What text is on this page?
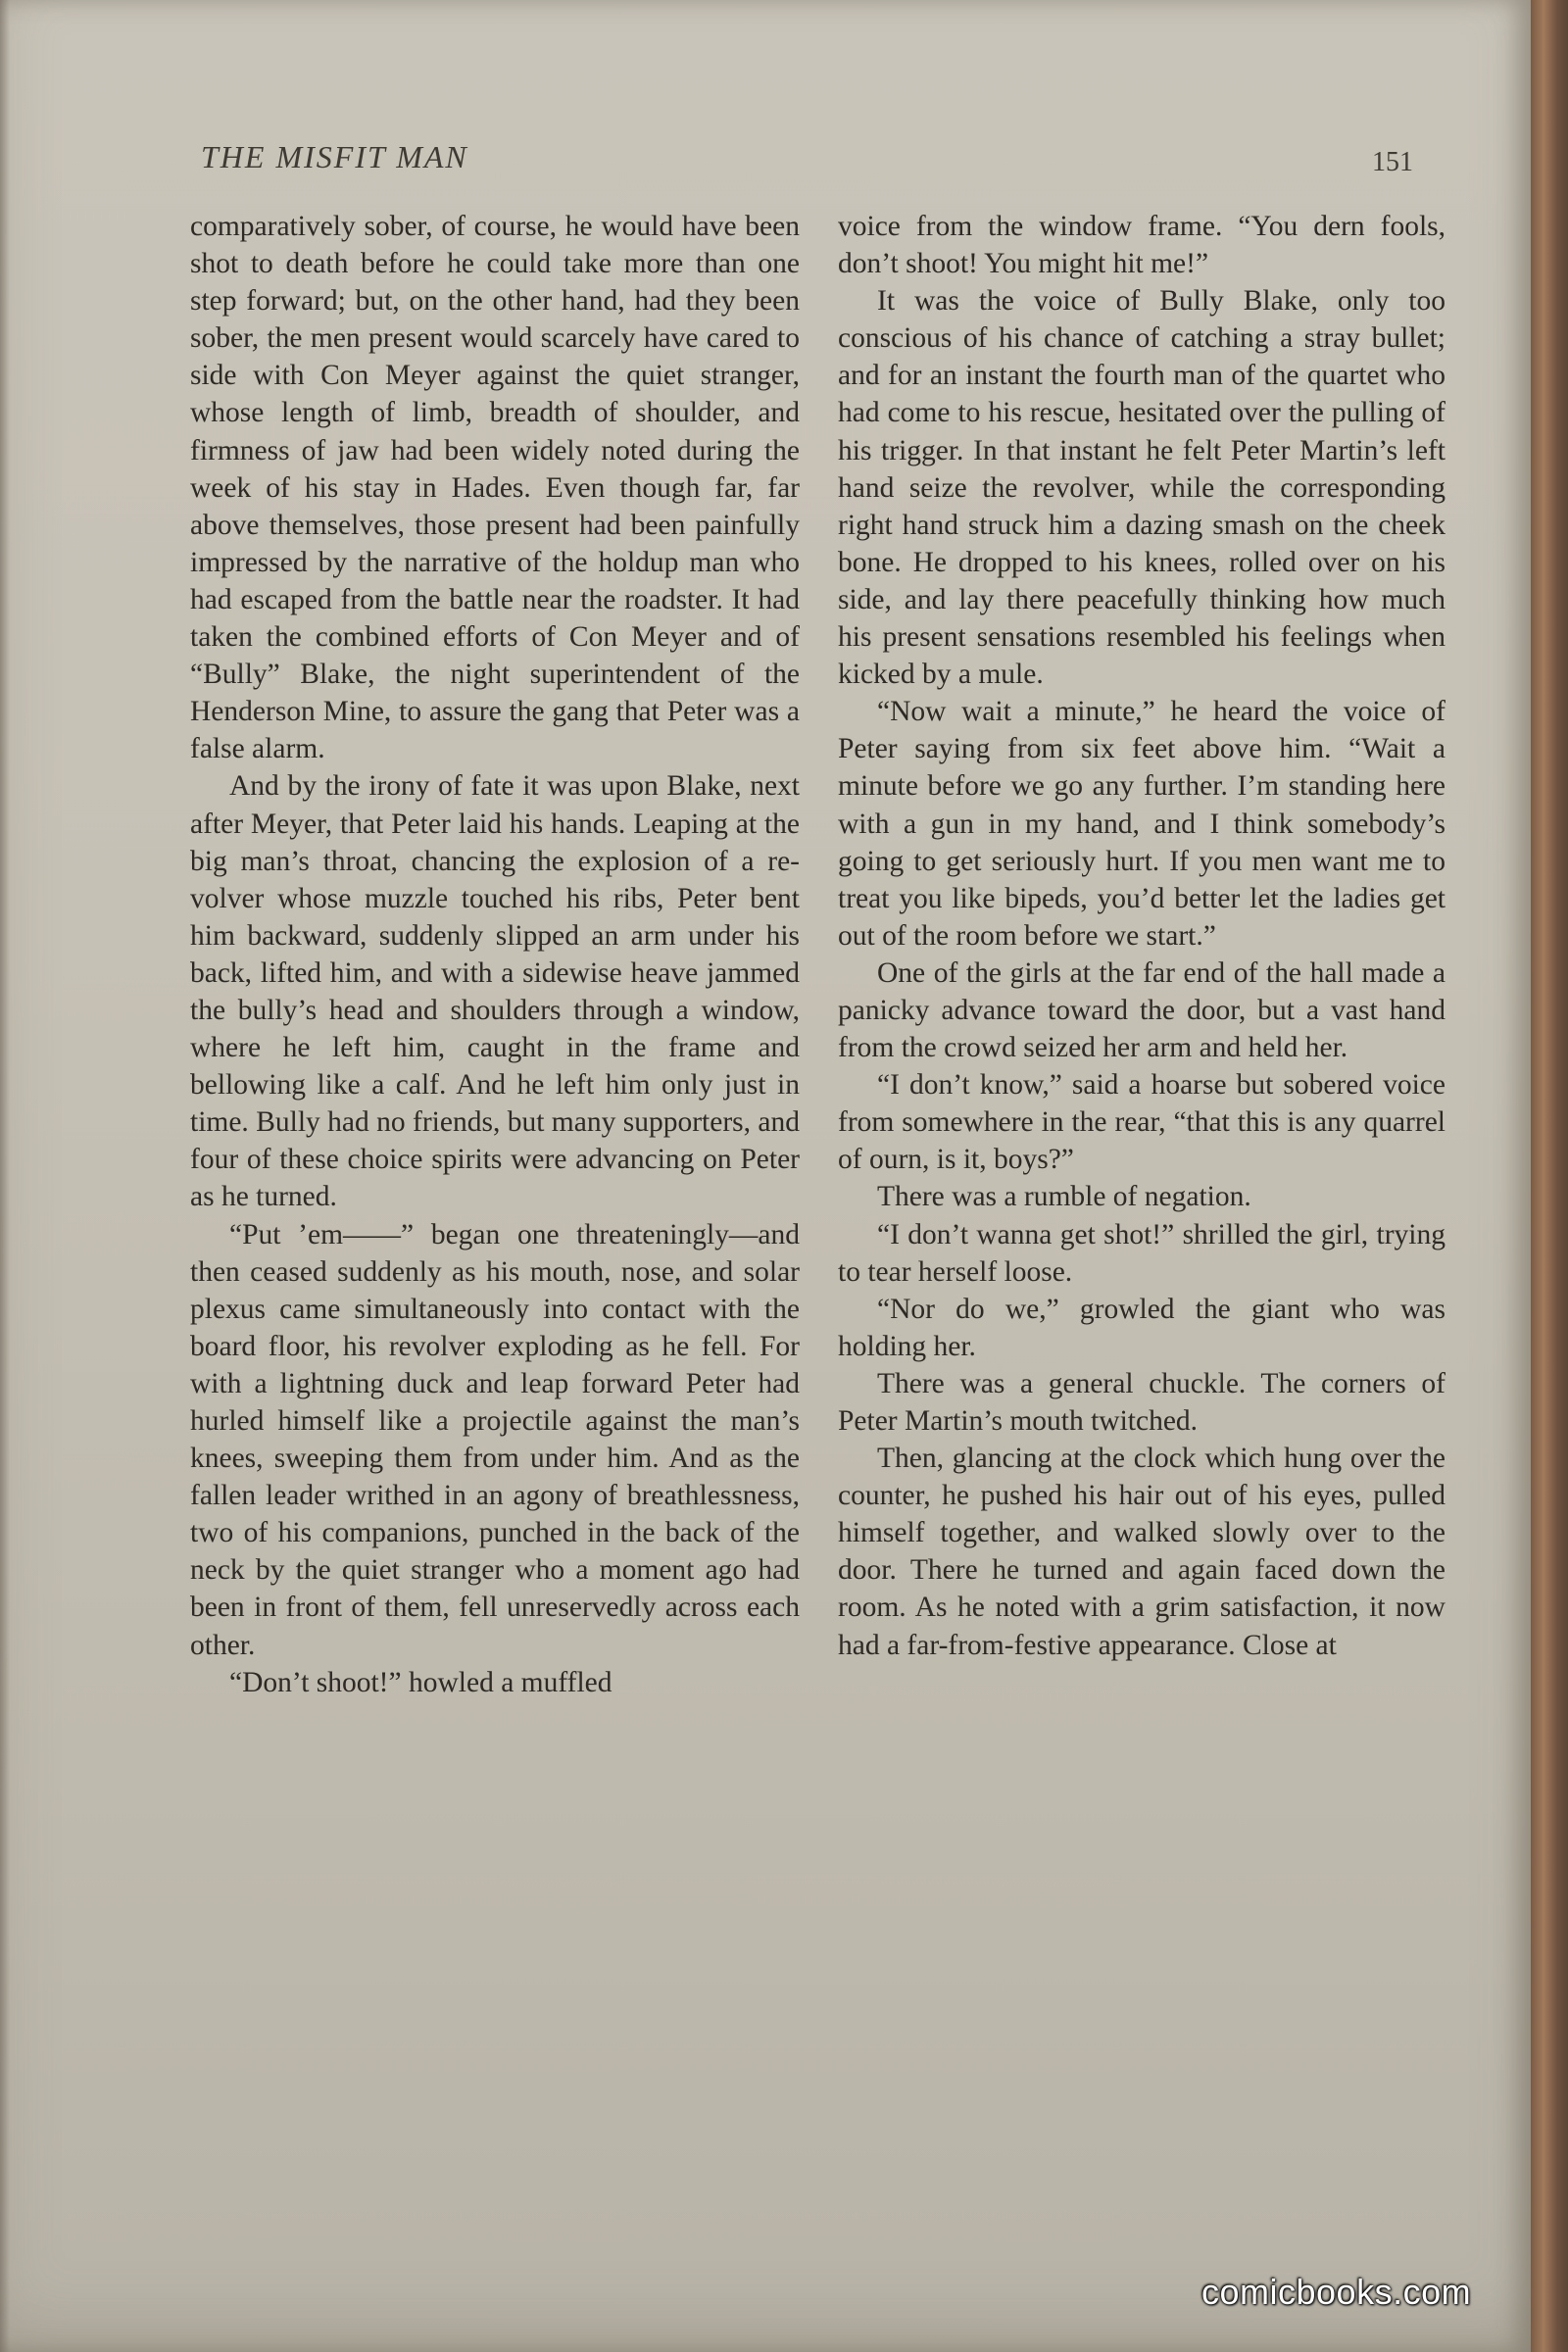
THE MISFIT MAN	151

comparatively sober, of course, he would have been shot to death before he could take more than one step forward; but, on the other hand, had they been sober, the men present would scarcely have cared to side with Con Meyer against the quiet stranger, whose length of limb, breadth of shoulder, and firmness of jaw had been widely noted during the week of his stay in Hades. Even though far, far above themselves, those present had been painfully impressed by the narrative of the holdup man who had escaped from the battle near the roadster. It had taken the combined efforts of Con Meyer and of “Bully” Blake, the night superintendent of the Henderson Mine, to assure the gang that Peter was a false alarm.

And by the irony of fate it was upon Blake, next after Meyer, that Peter laid his hands. Leaping at the big man’s throat, chancing the explosion of a revolver whose muzzle touched his ribs, Peter bent him backward, suddenly slipped an arm under his back, lifted him, and with a sidewise heave jammed the bully’s head and shoulders through a window, where he left him, caught in the frame and bellowing like a calf. And he left him only just in time. Bully had no friends, but many supporters, and four of these choice spirits were advancing on Peter as he turned.

“Put ’em——” began one threateningly—and then ceased suddenly as his mouth, nose, and solar plexus came simultaneously into contact with the board floor, his revolver exploding as he fell. For with a lightning duck and leap forward Peter had hurled himself like a projectile against the man’s knees, sweeping them from under him. And as the fallen leader writhed in an agony of breathlessness, two of his companions, punched in the back of the neck by the quiet stranger who a moment ago had been in front of them, fell unreservedly across each other.

“Don’t shoot!” howled a muffled

voice from the window frame. “You dern fools, don’t shoot! You might hit me!”

It was the voice of Bully Blake, only too conscious of his chance of catching a stray bullet; and for an instant the fourth man of the quartet who had come to his rescue, hesitated over the pulling of his trigger. In that instant he felt Peter Martin’s left hand seize the revolver, while the corresponding right hand struck him a dazing smash on the cheek bone. He dropped to his knees, rolled over on his side, and lay there peacefully thinking how much his present sensations resembled his feelings when kicked by a mule.

“Now wait a minute,” he heard the voice of Peter saying from six feet above him. “Wait a minute before we go any further. I’m standing here with a gun in my hand, and I think somebody’s going to get seriously hurt. If you men want me to treat you like bipeds, you’d better let the ladies get out of the room before we start.”

One of the girls at the far end of the hall made a panicky advance toward the door, but a vast hand from the crowd seized her arm and held her.

“I don’t know,” said a hoarse but sobered voice from somewhere in the rear, “that this is any quarrel of ourn, is it, boys?”

There was a rumble of negation.

“I don’t wanna get shot!” shrilled the girl, trying to tear herself loose.

“Nor do we,” growled the giant who was holding her.

There was a general chuckle. The corners of Peter Martin’s mouth twitched.

Then, glancing at the clock which hung over the counter, he pushed his hair out of his eyes, pulled himself together, and walked slowly over to the door. There he turned and again faced down the room. As he noted with a grim satisfaction, it now had a far-from-festive appearance. Close at

comicbooks.com
